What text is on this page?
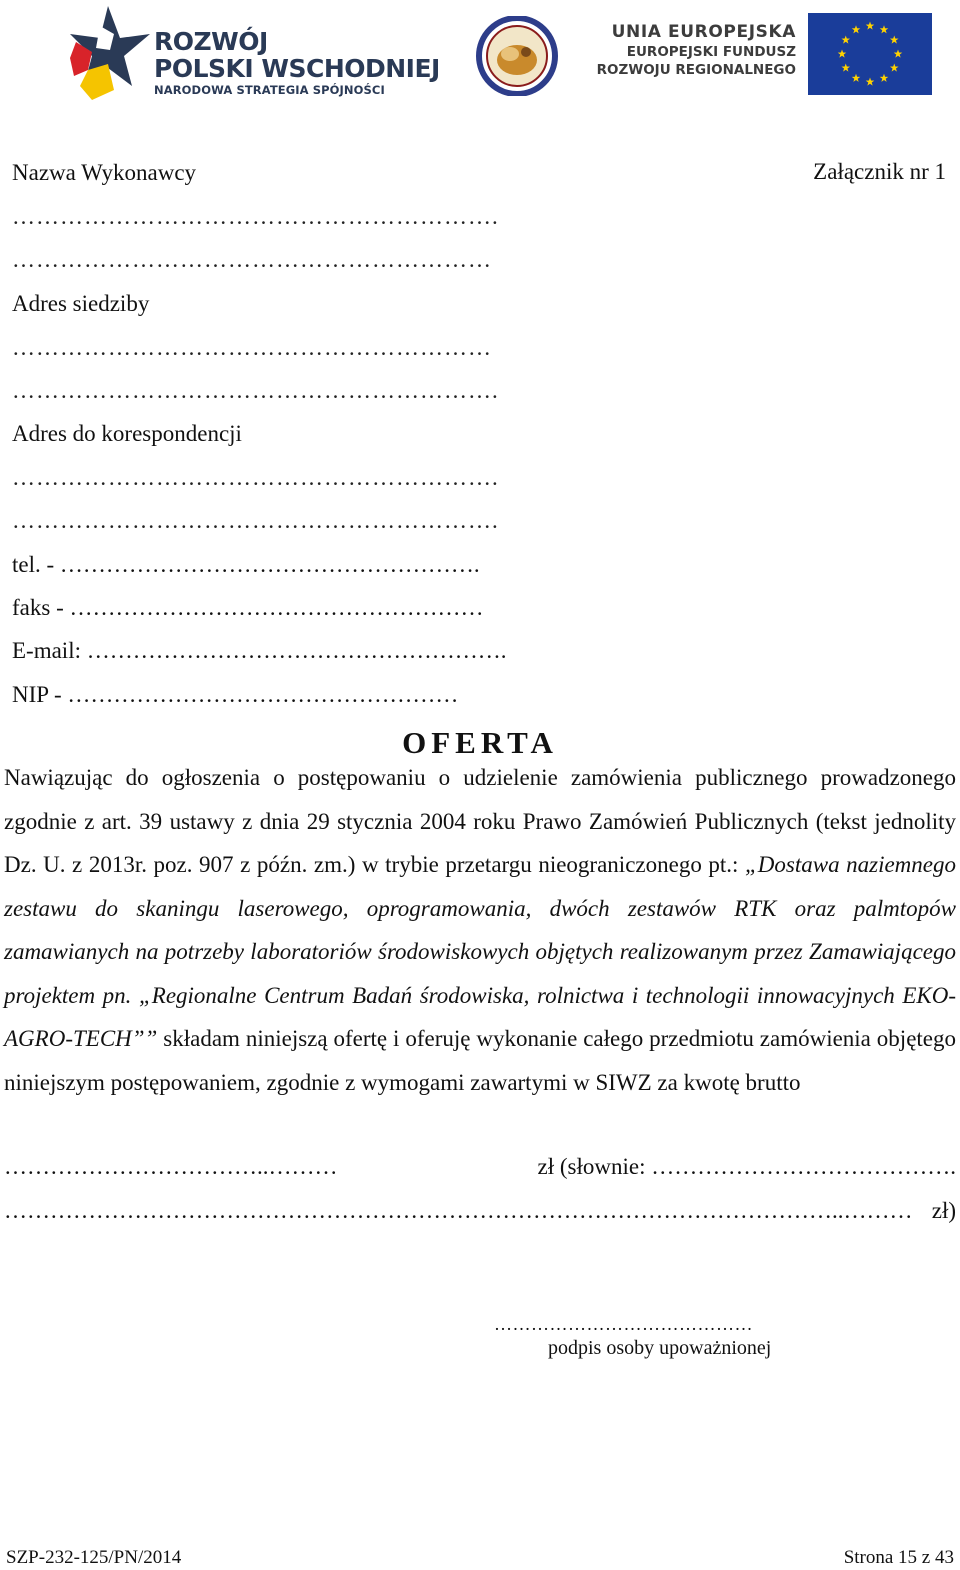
ROZWÓJ
POLSKI WSCHODNIEJ
NARODOWA STRATEGIA SPÓJNOŚCI
UNIA EUROPEJSKA
EUROPEJSKI FUNDUSZ
ROZWOJU REGIONALNEGO
Nazwa Wykonawcy	Załącznik nr 1
…………………………………………………….
……………………………………………………
Adres siedziby
……………………………………………………
…………………………………………………….
Adres do korespondencji
…………………………………………………….
…………………………………………………….
tel. - ……………………………………………….
faks - ………………………………………………
E-mail: ……………………………………………….
NIP - ……………………………………………
OFERTA
Nawiązując do ogłoszenia o postępowaniu o udzielenie zamówienia publicznego prowadzonego zgodnie z art. 39 ustawy z dnia 29 stycznia 2004 roku Prawo Zamówień Publicznych (tekst jednolity Dz. U. z 2013r. poz. 907 z późn. zm.) w trybie przetargu nieograniczonego pt.: „Dostawa naziemnego zestawu do skaningu laserowego, oprogramowania, dwóch zestawów RTK oraz palmtopów zamawianych na potrzeby laboratoriów środowiskowych objętych realizowanym przez Zamawiającego projektem pn. „Regionalne Centrum Badań środowiska, rolnictwa i technologii innowacyjnych EKO-AGRO-TECH”” składam niniejszą ofertę i oferuję wykonanie całego przedmiotu zamówienia objętego niniejszym postępowaniem, zgodnie z wymogami zawartymi w SIWZ za kwotę brutto
……………………………..………	zł (słownie: ………………………………….
………………………………………………………………………………………………..……… zł)
……………………………………
podpis osoby upoważnionej
SZP-232-125/PN/2014	Strona 15 z 43
